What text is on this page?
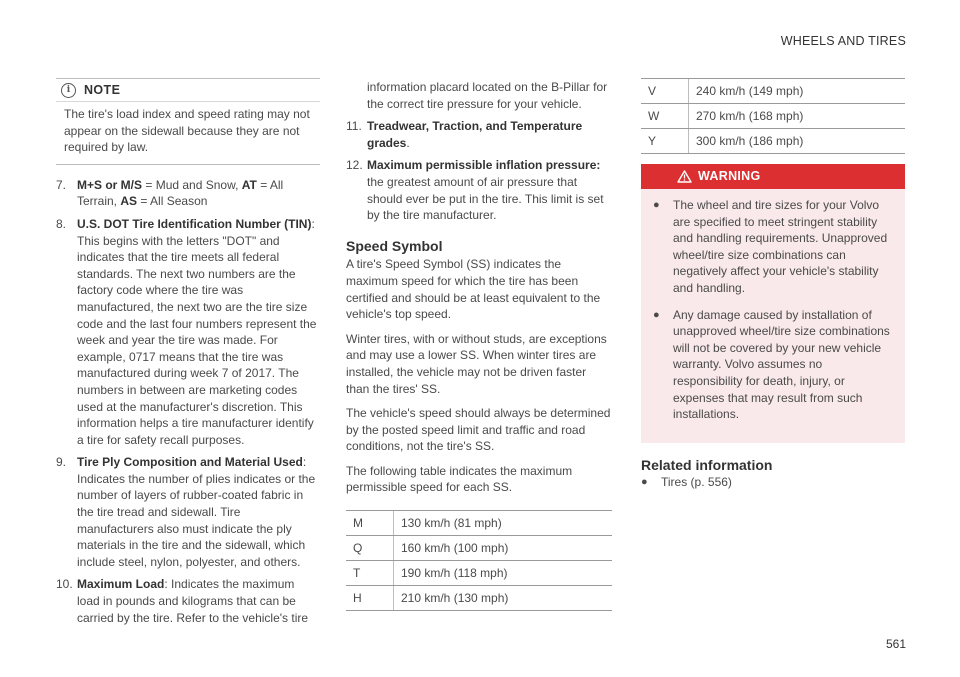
WHEELS AND TIRES
i	NOTE
The tire's load index and speed rating may not appear on the sidewall because they are not required by law.
7. M+S or M/S = Mud and Snow, AT = All Terrain, AS = All Season
8. U.S. DOT Tire Identification Number (TIN): This begins with the letters "DOT" and indicates that the tire meets all federal standards. The next two numbers are the factory code where the tire was manufactured, the next two are the tire size code and the last four numbers represent the week and year the tire was made. For example, 0717 means that the tire was manufactured during week 7 of 2017. The numbers in between are marketing codes used at the manufacturer's discretion. This information helps a tire manufacturer identify a tire for safety recall purposes.
9. Tire Ply Composition and Material Used: Indicates the number of plies indicates or the number of layers of rubber-coated fabric in the tire tread and sidewall. Tire manufacturers also must indicate the ply materials in the tire and the sidewall, which include steel, nylon, polyester, and others.
10. Maximum Load: Indicates the maximum load in pounds and kilograms that can be carried by the tire. Refer to the vehicle's tire
information placard located on the B-Pillar for the correct tire pressure for your vehicle.
11. Treadwear, Traction, and Temperature grades.
12. Maximum permissible inflation pressure: the greatest amount of air pressure that should ever be put in the tire. This limit is set by the tire manufacturer.
Speed Symbol

A tire's Speed Symbol (SS) indicates the maximum speed for which the tire has been certified and should be at least equivalent to the vehicle's top speed.

Winter tires, with or without studs, are exceptions and may use a lower SS. When winter tires are installed, the vehicle may not be driven faster than the tires' SS.

The vehicle's speed should always be determined by the posted speed limit and traffic and road conditions, not the tire's SS.

The following table indicates the maximum permissible speed for each SS.

M	130 km/h (81 mph)
Q	160 km/h (100 mph)
T	190 km/h (118 mph)
H	210 km/h (130 mph)
V	240 km/h (149 mph)
W	270 km/h (168 mph)
Y	300 km/h (186 mph)
WARNING
●	The wheel and tire sizes for your Volvo are specified to meet stringent stability and handling requirements. Unapproved wheel/tire size combinations can negatively affect your vehicle's stability and handling.
●	Any damage caused by installation of unapproved wheel/tire size combinations will not be covered by your new vehicle warranty. Volvo assumes no responsibility for death, injury, or expenses that may result from such installations.
Related information
●	Tires (p. 556)
561
